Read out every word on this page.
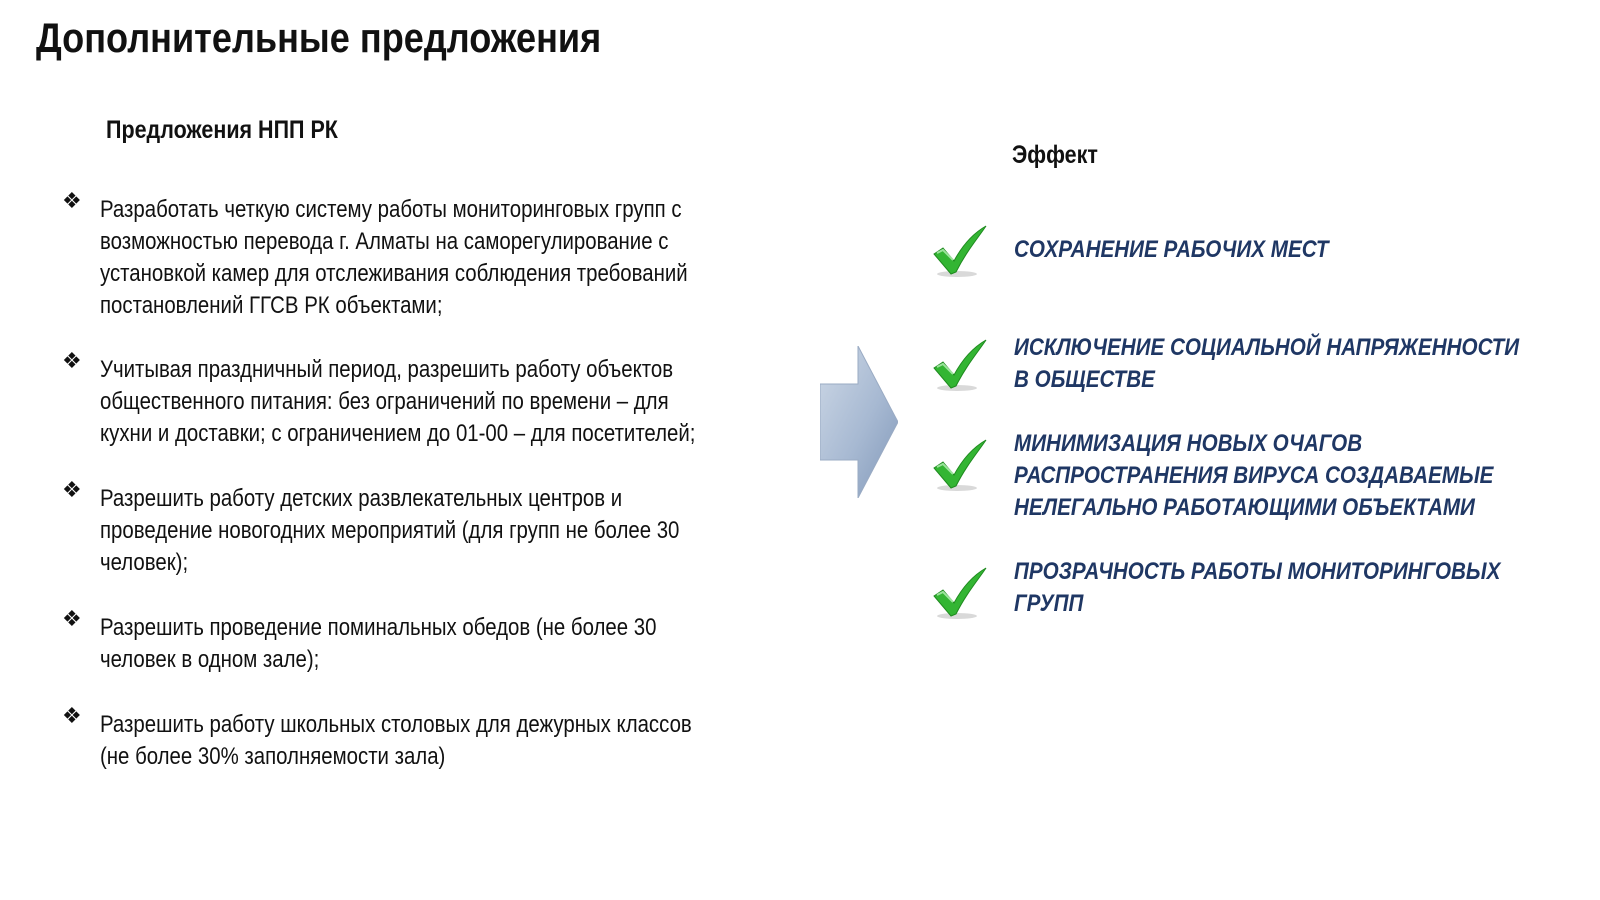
Дополнительные предложения
Предложения НПП РК
Эффект
❖ Разработать четкую систему работы мониторинговых групп с
возможностью перевода г. Алматы на саморегулирование с
установкой камер для отслеживания соблюдения требований
постановлений ГГСВ РК объектами;

❖ Учитывая праздничный период, разрешить работу объектов
общественного питания: без ограничений по времени – для
кухни и доставки; с ограничением до 01-00 – для посетителей;

❖ Разрешить работу детских развлекательных центров и
проведение новогодних мероприятий (для групп не более 30
человек);

❖ Разрешить проведение поминальных обедов (не более 30
человек в одном зале);

❖ Разрешить работу школьных столовых для дежурных классов
(не более 30% заполняемости зала)

СОХРАНЕНИЕ РАБОЧИХ МЕСТ

ИСКЛЮЧЕНИЕ СОЦИАЛЬНОЙ НАПРЯЖЕННОСТИ
В ОБЩЕСТВЕ

МИНИМИЗАЦИЯ НОВЫХ ОЧАГОВ
РАСПРОСТРАНЕНИЯ ВИРУСА СОЗДАВАЕМЫЕ
НЕЛЕГАЛЬНО РАБОТАЮЩИМИ ОБЪЕКТАМИ

ПРОЗРАЧНОСТЬ РАБОТЫ МОНИТОРИНГОВЫХ
ГРУПП
